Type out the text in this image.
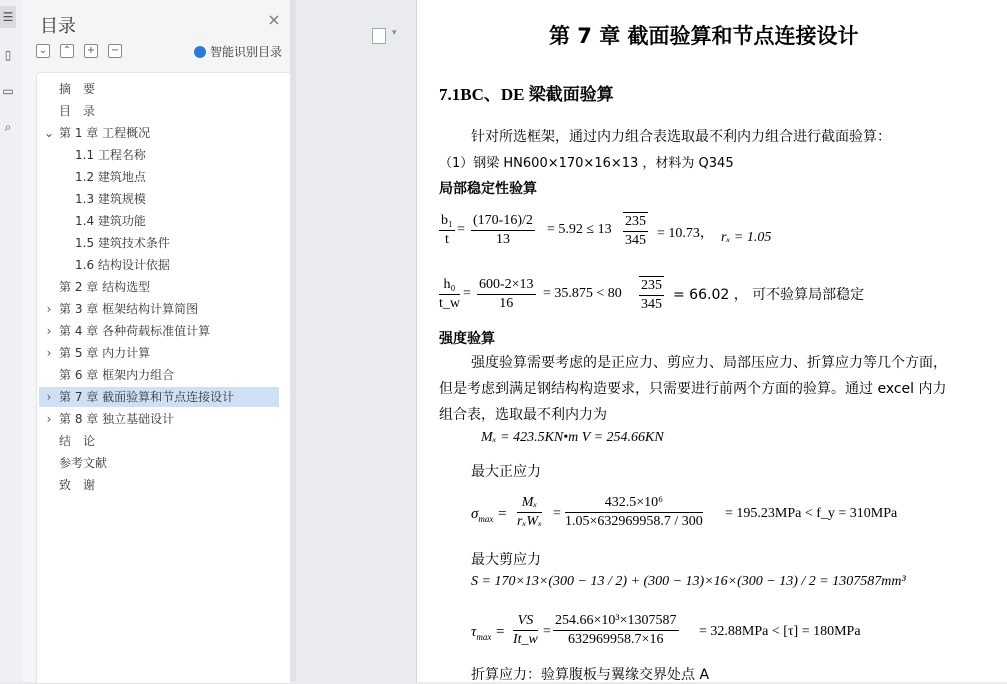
☰
▯
▭
⌕
目录	×
⌄ ⌃ + −	智能识别目录
摘　要
目　录
⌄ 第 1 章 工程概况
1.1 工程名称
1.2 建筑地点
1.3 建筑规模
1.4 建筑功能
1.5 建筑技术条件
1.6 结构设计依据
第 2 章 结构选型
› 第 3 章 框架结构计算简图
› 第 4 章 各种荷载标准值计算
› 第 5 章 内力计算
第 6 章 框架内力组合
› 第 7 章 截面验算和节点连接设计
› 第 8 章 独立基础设计
结　论
参考文献
致　谢
▾	第 7 章 截面验算和节点连接设计
7.1BC、DE 梁截面验算
针对所选框架，通过内力组合表选取最不利内力组合进行截面验算：
（1）钢梁 HN600×170×16×13 ，材料为 Q345
局部稳定性验算
$\frac{\text{b₁}}{t} = \frac{(170-16)/2}{13} = 5.92 \le 13 \frac{235}{345} = 10.73$， rₓ = 1.05
$\frac{\text{h₀}}{t\_w} = \frac{600-2\times 13}{16} = 35.875 < 80 \frac{235}{345} = 66.02$ ， 可不验算局部稳定
强度验算
强度验算需要考虑的是正应力、剪应力、局部压应力、折算应力等几个方面，
但是考虑到满足钢结构构造要求，只需要进行前两个方面的验算。通过 excel 内力
组合表，选取最不利内力为
Mₓ = 423.5KN•m V = 254.66KN
最大正应力
$\sigma_{max}$ =
Mₓ
rₓWₓ
= $\frac{\text{432.5×10⁶}}{1.05\times 632969958.7 / 300} = 195.23MPa$ < f_y = 310MPa
最大剪应力
S = 170×13×(300 − 13 / 2) + (300 − 13)×16×(300 − 13) / 2 = 1307587mm³
$\tau_{max} = \frac{VS}{It\_w} = \frac{\text{254.66×10³×1307587}}{632969958.7\times 16} = 32.88MPa < [\tau] = 180MPa$
折算应力：验算腹板与翼缘交界处点 A
